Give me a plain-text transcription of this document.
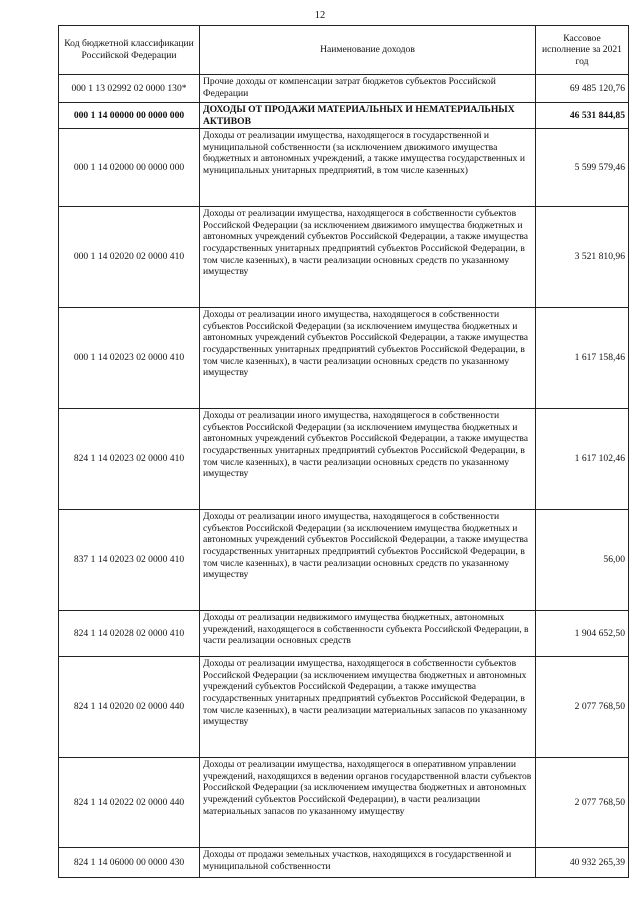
12
Код бюджетной классификации Российской Федерации	Наименование доходов	Кассовое исполнение за 2021 год
000 1 13 02992 02 0000 130*	Прочие доходы от компенсации затрат бюджетов субъектов Российской Федерации	69 485 120,76
000 1 14 00000 00 0000 000	ДОХОДЫ ОТ ПРОДАЖИ МАТЕРИАЛЬНЫХ И НЕМАТЕРИАЛЬНЫХ АКТИВОВ	46 531 844,85
000 1 14 02000 00 0000 000	Доходы от реализации имущества, находящегося в государственной и муниципальной собственности (за исключением движимого имущества бюджетных и автономных учреждений, а также имущества государственных и муниципальных унитарных предприятий, в том числе казенных)	5 599 579,46
000 1 14 02020 02 0000 410	Доходы от реализации имущества, находящегося в собственности субъектов Российской Федерации (за исключением движимого имущества бюджетных и автономных учреждений субъектов Российской Федерации, а также имущества государственных унитарных предприятий субъектов Российской Федерации, в том числе казенных), в части реализации основных средств по указанному имуществу	3 521 810,96
000 1 14 02023 02 0000 410	Доходы от реализации иного имущества, находящегося в собственности субъектов Российской Федерации (за исключением имущества бюджетных и автономных учреждений субъектов Российской Федерации, а также имущества государственных унитарных предприятий субъектов Российской Федерации, в том числе казенных), в части реализации основных средств по указанному имуществу	1 617 158,46
824 1 14 02023 02 0000 410	Доходы от реализации иного имущества, находящегося в собственности субъектов Российской Федерации (за исключением имущества бюджетных и автономных учреждений субъектов Российской Федерации, а также имущества государственных унитарных предприятий субъектов Российской Федерации, в том числе казенных), в части реализации основных средств по указанному имуществу	1 617 102,46
837 1 14 02023 02 0000 410	Доходы от реализации иного имущества, находящегося в собственности субъектов Российской Федерации (за исключением имущества бюджетных и автономных учреждений субъектов Российской Федерации, а также имущества государственных унитарных предприятий субъектов Российской Федерации, в том числе казенных), в части реализации основных средств по указанному имуществу	56,00
824 1 14 02028 02 0000 410	Доходы от реализации недвижимого имущества бюджетных, автономных учреждений, находящегося в собственности субъекта Российской Федерации, в части реализации основных средств	1 904 652,50
824 1 14 02020 02 0000 440	Доходы от реализации имущества, находящегося в собственности субъектов Российской Федерации (за исключением имущества бюджетных и автономных учреждений субъектов Российской Федерации, а также имущества государственных унитарных предприятий субъектов Российской Федерации, в том числе казенных), в части реализации материальных запасов по указанному имуществу	2 077 768,50
824 1 14 02022 02 0000 440	Доходы от реализации имущества, находящегося в оперативном управлении учреждений, находящихся в ведении органов государственной власти субъектов Российской Федерации (за исключением имущества бюджетных и автономных учреждений субъектов Российской Федерации), в части реализации материальных запасов по указанному имуществу	2 077 768,50
824 1 14 06000 00 0000 430	Доходы от продажи земельных участков, находящихся в государственной и муниципальной собственности	40 932 265,39
